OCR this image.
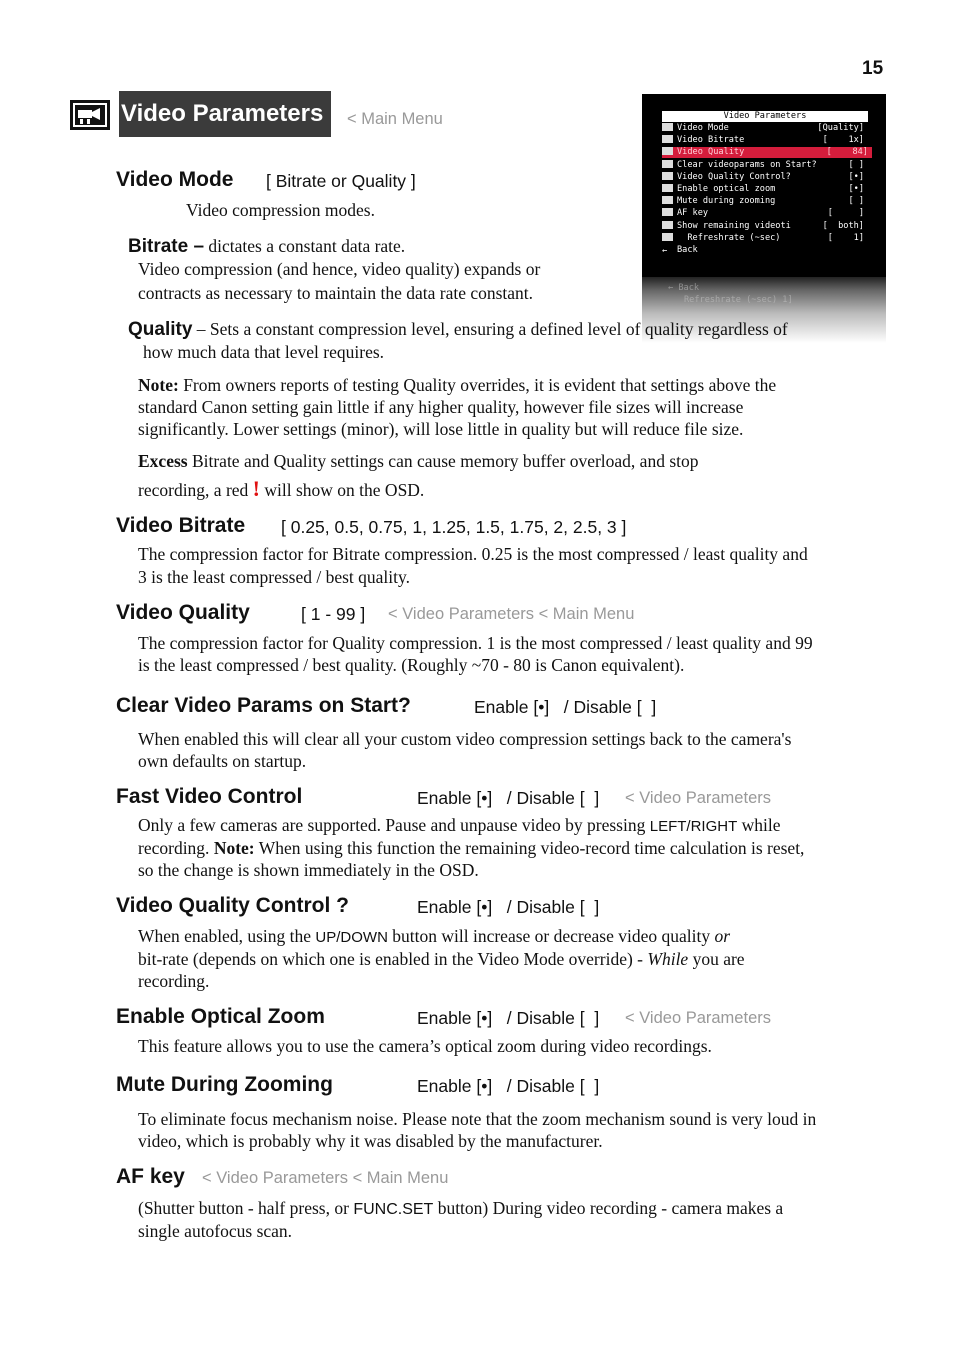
15
Video Parameters	< Main Menu	Video Parameters
Video Mode	[Quality]
Video Bitrate	[    1x]
Video Quality	[    84]
Clear videoparams on Start?	[ ]
Video Quality Control?	[•]
Enable optical zoom	[•]
Mute during zooming	[ ]
AF key	[     ]
Show remaining videoti	[  both]
Refreshrate (~sec)	[    1]
← Back
← Back
Refreshrate (~sec) 1]
Video Mode [ Bitrate or Quality ]
Video compression modes.
Bitrate – dictates a constant data rate.
Video compression (and hence, video quality) expands or
contracts as necessary to maintain the data rate constant.
Quality – Sets a constant compression level, ensuring a defined level of quality regardless of
how much data that level requires.
Note: From owners reports of testing Quality overrides, it is evident that settings above the
standard Canon setting gain little if any higher quality, however file sizes will increase
significantly. Lower settings (minor), will lose little in quality but will reduce file size.
Excess Bitrate and Quality settings can cause memory buffer overload, and stop
recording, a red ! will show on the OSD.
Video Bitrate [ 0.25, 0.5, 0.75, 1, 1.25, 1.5, 1.75, 2, 2.5, 3 ]
The compression factor for Bitrate compression. 0.25 is the most compressed / least quality and
3 is the least compressed / best quality.
Video Quality	[ 1 - 99 ] < Video Parameters < Main Menu
The compression factor for Quality compression. 1 is the most compressed / least quality and 99
is the least compressed / best quality. (Roughly ~70 - 80 is Canon equivalent).
Clear Video Params on Start?	Enable [•]   / Disable [  ]
When enabled this will clear all your custom video compression settings back to the camera's
own defaults on startup.
Fast Video Control	Enable [•]   / Disable [  ] < Video Parameters
Only a few cameras are supported. Pause and unpause video by pressing LEFT/RIGHT while
recording. Note: When using this function the remaining video-record time calculation is reset,
so the change is shown immediately in the OSD.
Video Quality Control ?	Enable [•]   / Disable [  ]
When enabled, using the UP/DOWN button will increase or decrease video quality or
bit-rate (depends on which one is enabled in the Video Mode override) - While you are
recording.
Enable Optical Zoom	Enable [•]   / Disable [  ] < Video Parameters
This feature allows you to use the camera’s optical zoom during video recordings.
Mute During Zooming	Enable [•]   / Disable [  ]
To eliminate focus mechanism noise. Please note that the zoom mechanism sound is very loud in
video, which is probably why it was disabled by the manufacturer.
AF key < Video Parameters < Main Menu
(Shutter button - half press, or FUNC.SET button) During video recording - camera makes a
single autofocus scan.
